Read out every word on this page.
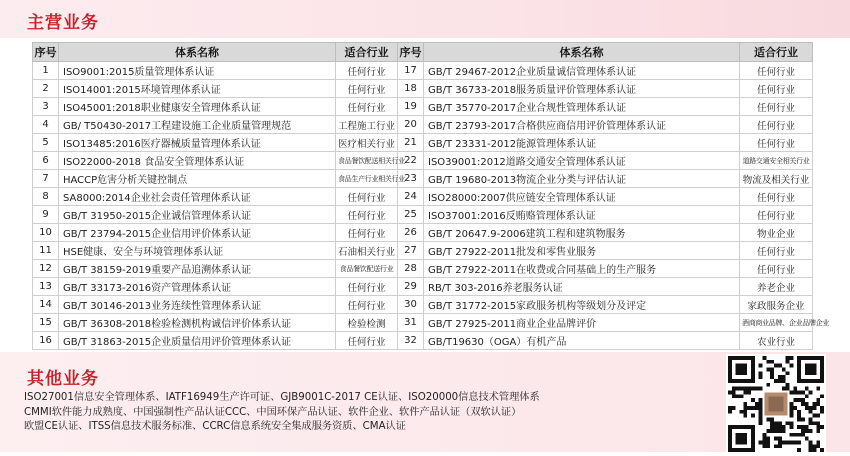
主营业务
序号	体系名称	适合行业	序号	体系名称	适合行业
1	ISO9001:2015质量管理体系认证	任何行业	17	GB/T 29467-2012企业质量诚信管理体系认证	任何行业
2	ISO14001:2015环境管理体系认证	任何行业	18	GB/T 36733-2018服务质量评价管理体系认证	任何行业
3	ISO45001:2018职业健康安全管理体系认证	任何行业	19	GB/T 35770-2017企业合规性管理体系认证	任何行业
4	GB/ T50430-2017工程建设施工企业质量管理规范	工程施工行业	20	GB/T 23793-2017合格供应商信用评价管理体系认证	任何行业
5	ISO13485:2016医疗器械质量管理体系认证	医疗相关行业	21	GB/T 23331-2012能源管理体系认证	任何行业
6	ISO22000-2018 食品安全管理体系认证	食品餐饮配送相关行业	22	ISO39001:2012道路交通安全管理体系认证	道路交通安全相关行业
7	HACCP危害分析关键控制点	食品生产行业相关行业	23	GB/T 19680-2013物流企业分类与评估认证	物流及相关行业
8	SA8000:2014企业社会责任管理体系认证	任何行业	24	ISO28000:2007供应链安全管理体系认证	任何行业
9	GB/T 31950-2015企业诚信管理体系认证	任何行业	25	ISO37001:2016反贿赂管理体系认证	任何行业
10	GB/T 23794-2015企业信用评价体系认证	任何行业	26	GB/T 20647.9-2006建筑工程和建筑物服务	物业企业
11	HSE健康、安全与环境管理体系认证	石油相关行业	27	GB/T 27922-2011批发和零售业服务	任何行业
12	GB/T 38159-2019重要产品追溯体系认证	食品餐饮配送行业	28	GB/T 27922-2011在收费或合同基础上的生产服务	任何行业
13	GB/T 33173-2016资产管理体系认证	任何行业	29	RB/T 303-2016养老服务认证	养老企业
14	GB/T 30146-2013业务连续性管理体系认证	任何行业	30	GB/T 31772-2015家政服务机构等级划分及评定	家政服务企业
15	GB/T 36308-2018检验检测机构诚信评价体系认证	检验检测	31	GB/T 27925-2011商业企业品牌评价	酒商商业品牌、企业品牌企业
16	GB/T 31863-2015企业质量信用评价管理体系认证	任何行业	32	GB/T19630（OGA）有机产品	农业行业
其他业务
ISO27001信息安全管理体系、IATF16949生产许可证、GJB9001C-2017 CE认证、ISO20000信息技术管理体系
CMMI软件能力成熟度、中国强制性产品认证CCC、中国环保产品认证、软件企业、软件产品认证（双软认证）
欧盟CE认证、ITSS信息技术服务标准、CCRC信息系统安全集成服务资质、CMA认证
